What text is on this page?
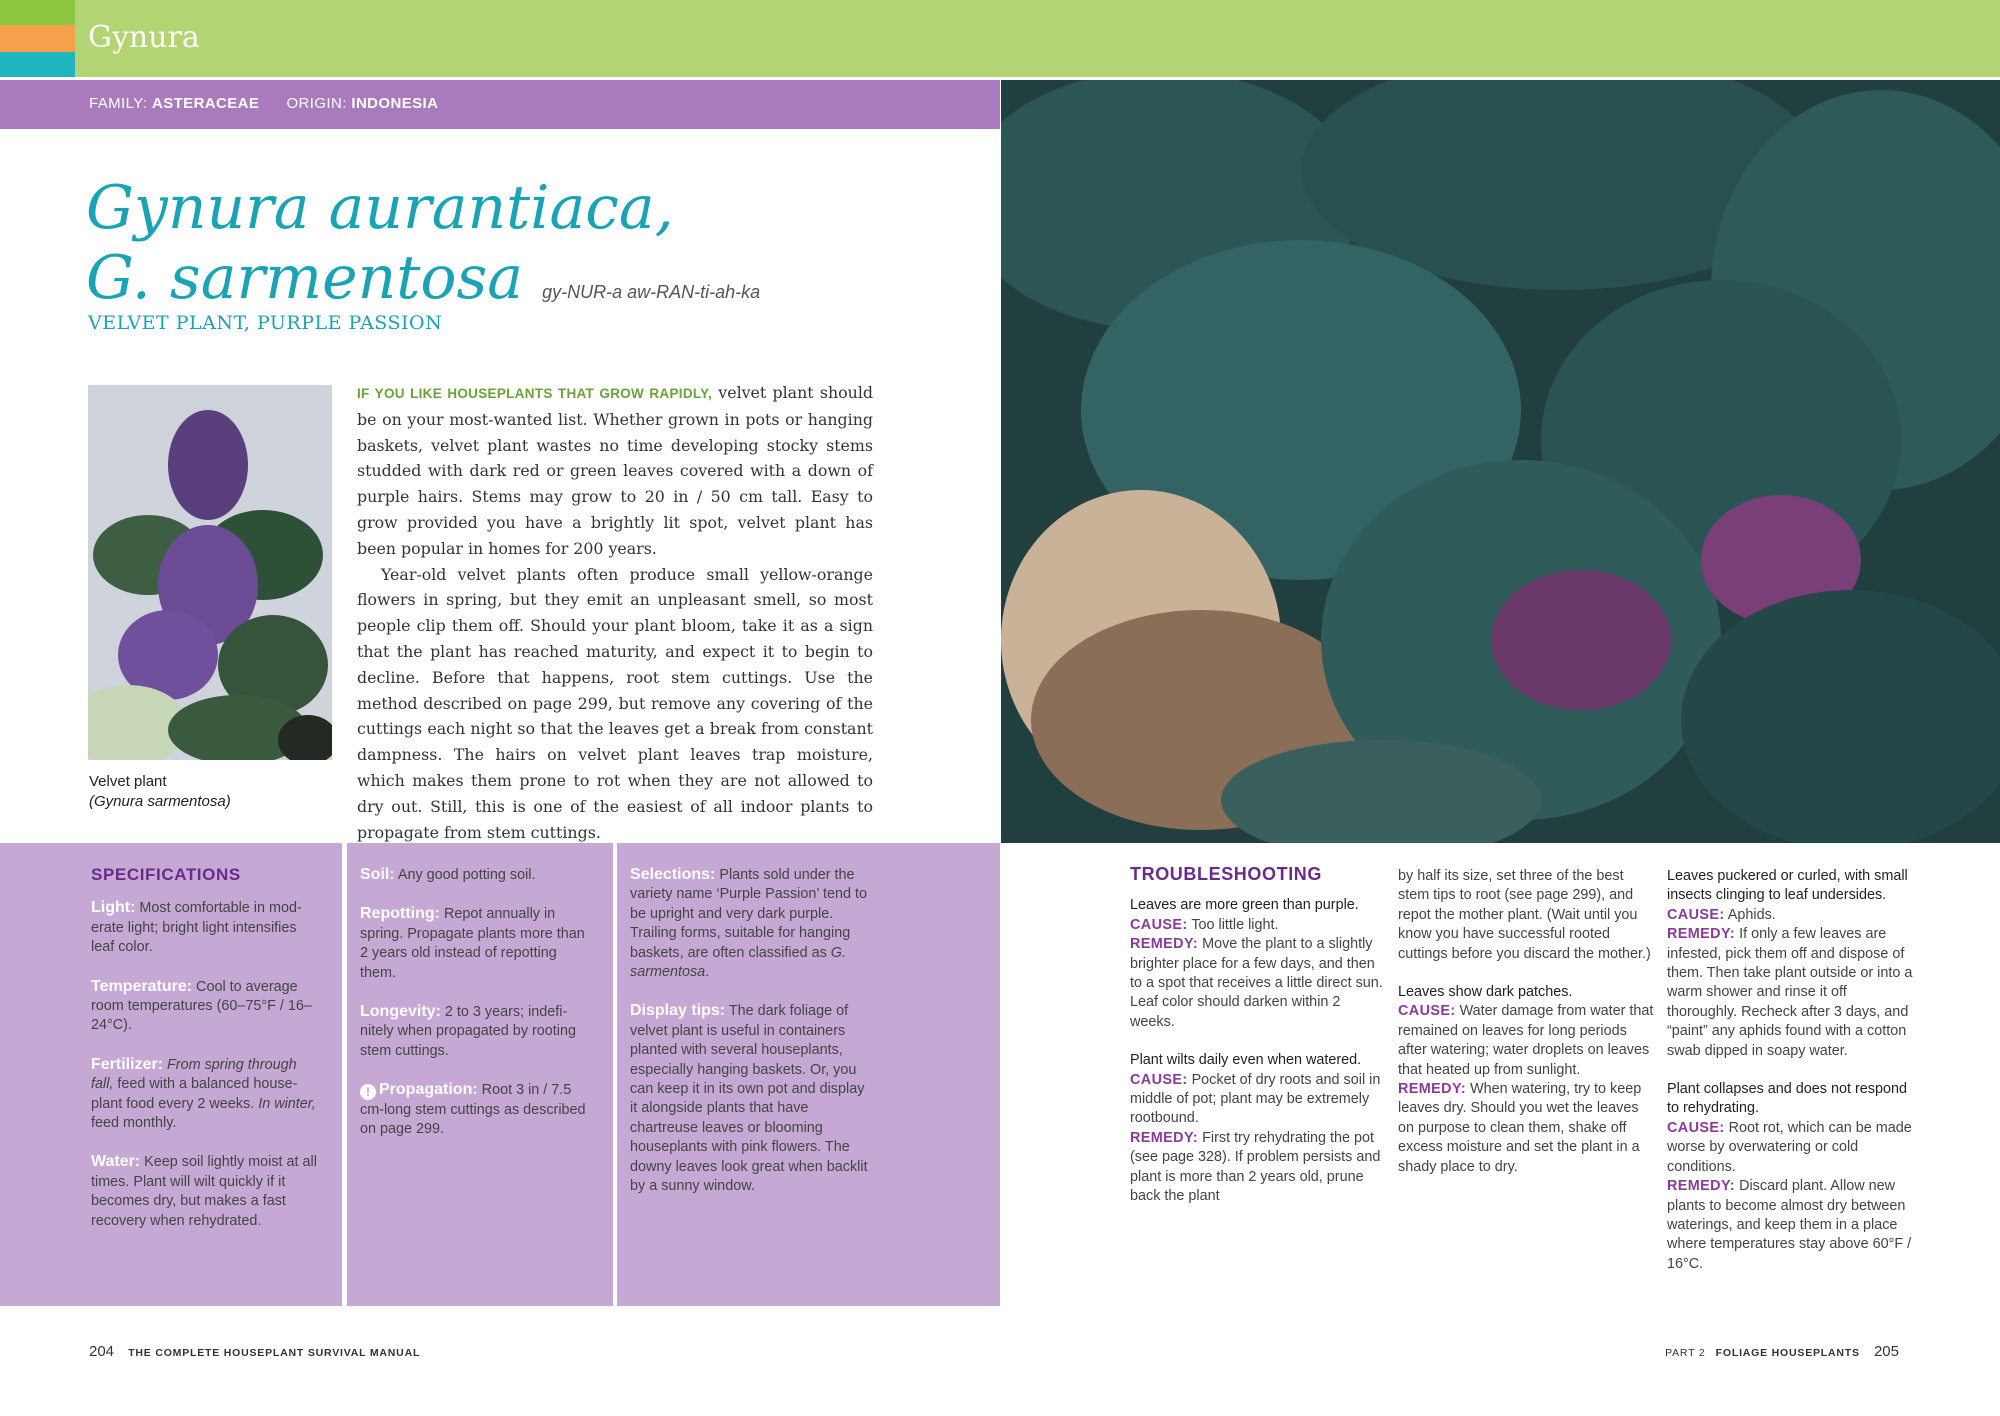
Gynura
FAMILY: ASTERACEAE ORIGIN: INDONESIA
Gynura aurantiaca,
G. sarmentosa gy-NUR-a aw-RAN-ti-ah-ka
VELVET PLANT, PURPLE PASSION
Velvet plant
(Gynura sarmentosa)

IF YOU LIKE HOUSEPLANTS THAT GROW RAPIDLY, velvet plant should be on your most-wanted list. Whether grown in pots or hanging baskets, velvet plant wastes no time developing stocky stems studded with dark red or green leaves covered with a down of purple hairs. Stems may grow to 20 in / 50 cm tall. Easy to grow provided you have a brightly lit spot, velvet plant has been popular in homes for 200 years.

Year-old velvet plants often produce small yellow-orange flowers in spring, but they emit an unpleasant smell, so most people clip them off. Should your plant bloom, take it as a sign that the plant has reached maturity, and expect it to begin to decline. Before that happens, root stem cuttings. Use the method described on page 299, but remove any covering of the cuttings each night so that the leaves get a break from constant dampness. The hairs on velvet plant leaves trap moisture, which makes them prone to rot when they are not allowed to dry out. Still, this is one of the easiest of all indoor plants to propagate from stem cuttings.

SPECIFICATIONS

Light: Most comfortable in moderate light; bright light intensifies leaf color.

Temperature: Cool to average room temperatures (60–75°F / 16–24°C).

Fertilizer: From spring through fall, feed with a balanced houseplant food every 2 weeks. In winter, feed monthly.

Water: Keep soil lightly moist at all times. Plant will wilt quickly if it becomes dry, but makes a fast recovery when rehydrated.

Soil: Any good potting soil.

Repotting: Repot annually in spring. Propagate plants more than 2 years old instead of repotting them.

Longevity: 2 to 3 years; indefinitely when propagated by rooting stem cuttings.

! Propagation: Root 3 in / 7.5 cm-long stem cuttings as described on page 299.

Selections: Plants sold under the variety name ‘Purple Passion’ tend to be upright and very dark purple. Trailing forms, suitable for hanging baskets, are often classified as G. sarmentosa.

Display tips: The dark foliage of velvet plant is useful in containers planted with several houseplants, especially hanging baskets. Or, you can keep it in its own pot and display it alongside plants that have chartreuse leaves or blooming houseplants with pink flowers. The downy leaves look great when backlit by a sunny window.

TROUBLESHOOTING

Leaves are more green than purple.
CAUSE: Too little light.
REMEDY: Move the plant to a slightly brighter place for a few days, and then to a spot that receives a little direct sun. Leaf color should darken within 2 weeks.

Plant wilts daily even when watered.
CAUSE: Pocket of dry roots and soil in middle of pot; plant may be extremely rootbound.
REMEDY: First try rehydrating the pot (see page 328). If problem persists and plant is more than 2 years old, prune back the plant

by half its size, set three of the best stem tips to root (see page 299), and repot the mother plant. (Wait until you know you have successful rooted cuttings before you discard the mother.)

Leaves show dark patches.
CAUSE: Water damage from water that remained on leaves for long periods after watering; water droplets on leaves that heated up from sunlight.
REMEDY: When watering, try to keep leaves dry. Should you wet the leaves on purpose to clean them, shake off excess moisture and set the plant in a shady place to dry.

Leaves puckered or curled, with small insects clinging to leaf undersides.
CAUSE: Aphids.
REMEDY: If only a few leaves are infested, pick them off and dispose of them. Then take plant outside or into a warm shower and rinse it off thoroughly. Recheck after 3 days, and “paint” any aphids found with a cotton swab dipped in soapy water.

Plant collapses and does not respond to rehydrating.
CAUSE: Root rot, which can be made worse by overwatering or cold conditions.
REMEDY: Discard plant. Allow new plants to become almost dry between waterings, and keep them in a place where temperatures stay above 60°F / 16°C.

204 THE COMPLETE HOUSEPLANT SURVIVAL MANUAL	PART 2 FOLIAGE HOUSEPLANTS 205
